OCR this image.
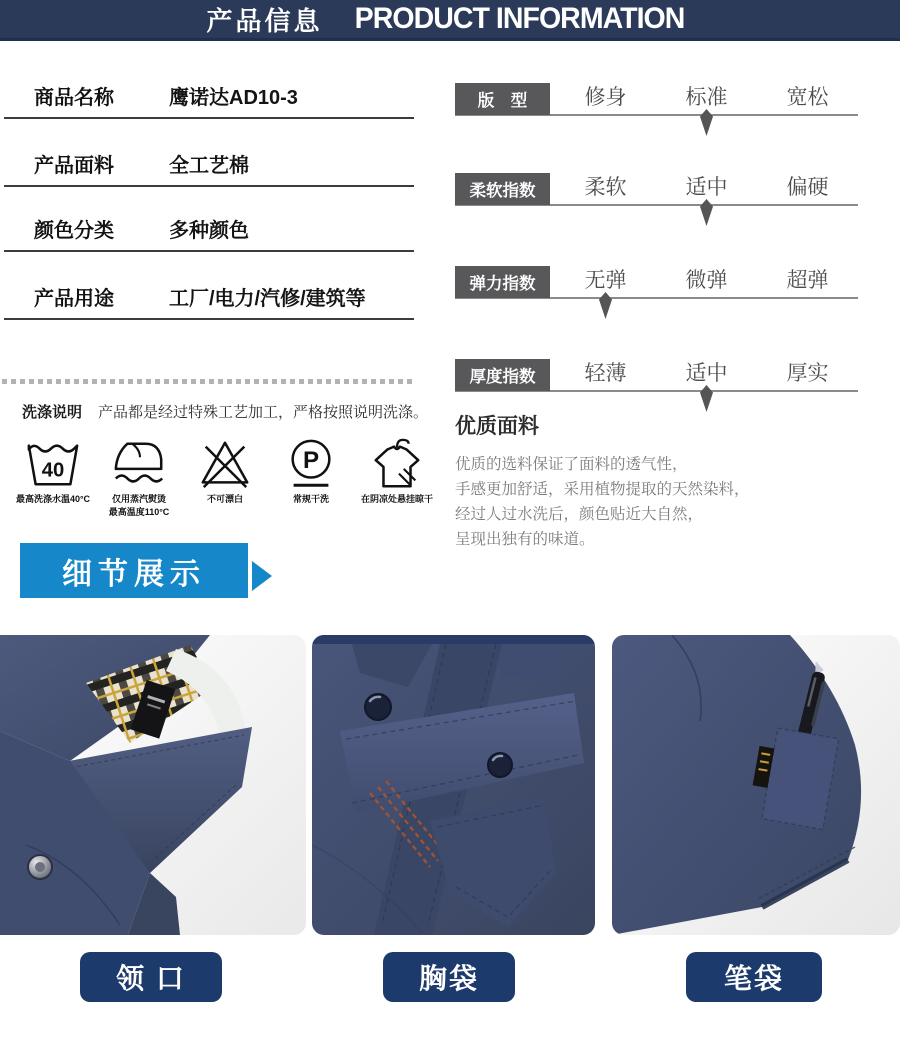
产品信息 PRODUCT INFORMATION
商品名称	鹰诺达AD10-3
产品面料	全工艺棉
颜色分类	多种颜色
产品用途	工厂/电力/汽修/建筑等
版　型	修身	标准	宽松
柔软指数	柔软	适中	偏硬
弹力指数	无弹	微弹	超弹
厚度指数	轻薄	适中	厚实
洗涤说明 产品都是经过特殊工艺加工，严格按照说明洗涤。
40
最高洗涤水温40°C	仅用蒸汽熨烫
最高温度110°C
不可漂白
P
常规干洗	在阴凉处悬挂晾干
优质面料

优质的选料保证了面料的透气性，

手感更加舒适，采用植物提取的天然染料，

经过人过水洗后，颜色贴近大自然，

呈现出独有的味道。

细节展示
领 口	胸袋	笔袋
